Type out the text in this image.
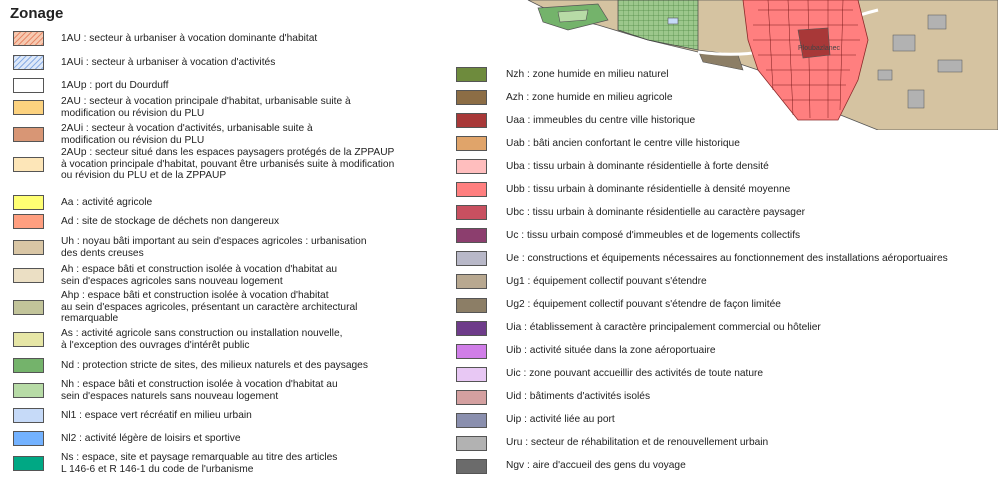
Ploubazlanec
Zonage
1AU : secteur à urbaniser à vocation dominante d'habitat
1AUi : secteur à urbaniser à vocation d'activités
1AUp : port du Dourduff
2AU : secteur à vocation principale d'habitat, urbanisable suite à
modification ou révision du PLU
2AUi : secteur à vocation d'activités, urbanisable suite à
modification ou révision du PLU
2AUp : secteur situé dans les espaces paysagers protégés de la ZPPAUP
à vocation principale d'habitat, pouvant être urbanisés suite à modification
ou révision du PLU et de la ZPPAUP
Aa : activité agricole
Ad : site de stockage de déchets non dangereux
Uh : noyau bâti important au sein d'espaces agricoles : urbanisation
des dents creuses
Ah : espace bâti et construction isolée à vocation d'habitat au
sein d'espaces agricoles sans nouveau logement
Ahp : espace bâti et construction isolée à vocation d'habitat
au sein d'espaces agricoles, présentant un caractère architectural
remarquable
As : activité agricole sans construction ou installation nouvelle,
à l'exception des ouvrages d'intérêt public
Nd : protection stricte de sites, des milieux naturels et des paysages
Nh : espace bâti et construction isolée à vocation d'habitat au
sein d'espaces naturels sans nouveau logement
Nl1 : espace vert récréatif en milieu urbain
Nl2 : activité légère de loisirs et sportive
Ns : espace, site et paysage remarquable au titre des articles
L 146-6 et R 146-1 du code de l'urbanisme
Nzh : zone humide en milieu naturel
Azh : zone humide en milieu agricole
Uaa : immeubles du centre ville historique
Uab : bâti ancien confortant le centre ville historique
Uba : tissu urbain à dominante résidentielle à forte densité
Ubb : tissu urbain à dominante résidentielle à densité moyenne
Ubc : tissu urbain à dominante résidentielle au caractère paysager
Uc : tissu urbain composé d'immeubles et de logements collectifs
Ue : constructions et équipements nécessaires au fonctionnement des installations aéroportuaires
Ug1 : équipement collectif pouvant s'étendre
Ug2 : équipement collectif pouvant s'étendre de façon limitée
Uia : établissement à caractère principalement commercial ou hôtelier
Uib : activité située dans la zone aéroportuaire
Uic : zone pouvant accueillir des activités de toute nature
Uid : bâtiments d'activités isolés
Uip : activité liée au port
Uru : secteur de réhabilitation et de renouvellement urbain
Ngv : aire d'accueil des gens du voyage
